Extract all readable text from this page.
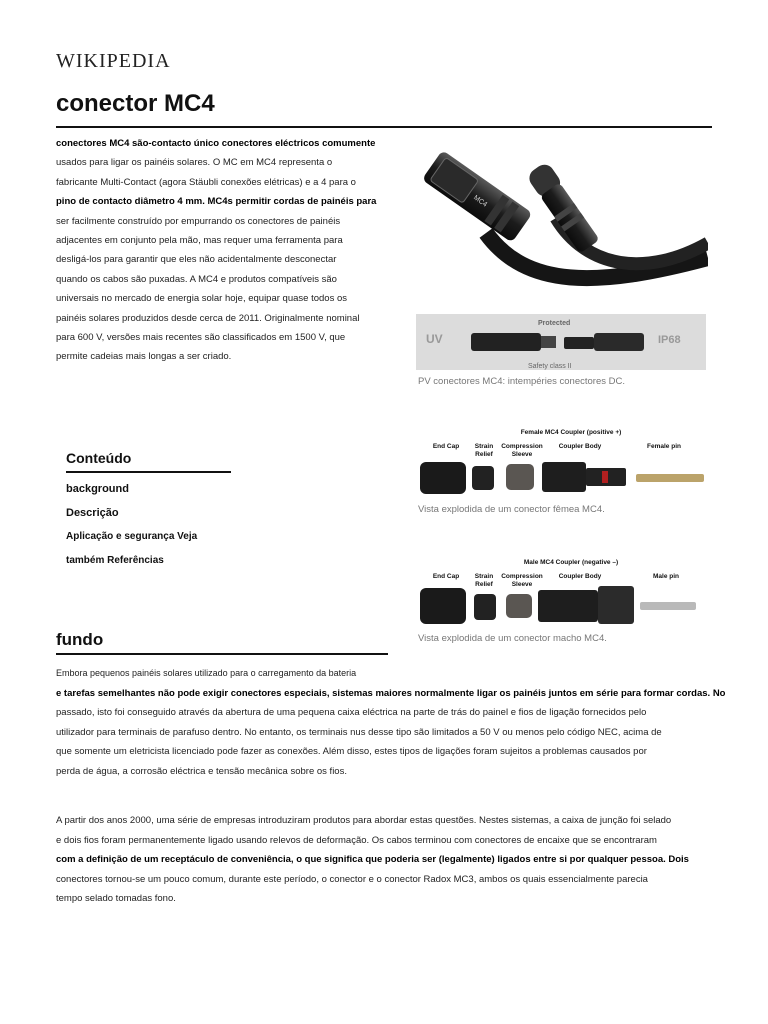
WIKIPEDIA
conector MC4
conectores MC4 são-contacto único conectores eléctricos comumente
usados para ligar os painéis solares. O MC em MC4 representa o
fabricante Multi-Contact (agora Stäubli conexões elétricas) e a 4 para o
pino de contacto diâmetro 4 mm. MC4s permitir cordas de painéis para
ser facilmente construído por empurrando os conectores de painéis
adjacentes em conjunto pela mão, mas requer uma ferramenta para
desligá-los para garantir que eles não acidentalmente desconectar
quando os cabos são puxadas. A MC4 e produtos compatíveis são
universais no mercado de energia solar hoje, equipar quase todos os
painéis solares produzidos desde cerca de 2011. Originalmente nominal
para 600 V, versões mais recentes são classificados em 1500 V, que
permite cadeias mais longas a ser criado.
MC4
UV	IP68
Protected
Safety class II
PV conectores MC4: intempéries conectores DC.
Female MC4 Coupler (positive +)
End Cap	Strain Relief
Compression Sleeve
Coupler Body	Female pin
Vista explodida de um conector fêmea MC4.
Male MC4 Coupler (negative –)
End Cap	Strain Relief
Compression Sleeve
Coupler Body	Male pin
Vista explodida de um conector macho MC4.
Conteúdo
background
Descrição
Aplicação e segurança Veja
também Referências
fundo
Embora pequenos painéis solares utilizado para o carregamento da bateria
e tarefas semelhantes não pode exigir conectores especiais, sistemas maiores normalmente ligar os painéis juntos em série para formar cordas. No
passado, isto foi conseguido através da abertura de uma pequena caixa eléctrica na parte de trás do painel e fios de ligação fornecidos pelo
utilizador para terminais de parafuso dentro. No entanto, os terminais nus desse tipo são limitados a 50 V ou menos pelo código NEC, acima de
que somente um eletricista licenciado pode fazer as conexões. Além disso, estes tipos de ligações foram sujeitos a problemas causados por
perda de água, a corrosão eléctrica e tensão mecânica sobre os fios.
A partir dos anos 2000, uma série de empresas introduziram produtos para abordar estas questões. Nestes sistemas, a caixa de junção foi selado
e dois fios foram permanentemente ligado usando relevos de deformação. Os cabos terminou com conectores de encaixe que se encontraram
com a definição de um receptáculo de conveniência, o que significa que poderia ser (legalmente) ligados entre si por qualquer pessoa. Dois
conectores tornou-se um pouco comum, durante este período, o conector e o conector Radox MC3, ambos os quais essencialmente parecia
tempo selado tomadas fono.
